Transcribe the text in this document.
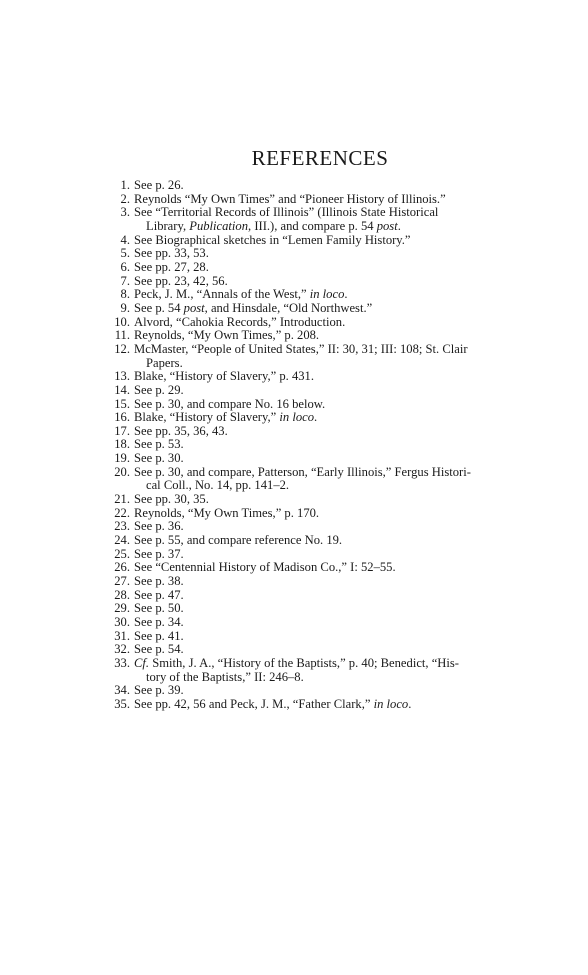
REFERENCES
1. See p. 26.
2. Reynolds “My Own Times” and “Pioneer History of Illinois.”
3. See “Territorial Records of Illinois” (Illinois State Historical
Library, Publication, III.), and compare p. 54 post.
4. See Biographical sketches in “Lemen Family History.”
5. See pp. 33, 53.
6. See pp. 27, 28.
7. See pp. 23, 42, 56.
8. Peck, J. M., “Annals of the West,” in loco.
9. See p. 54 post, and Hinsdale, “Old Northwest.”
10. Alvord, “Cahokia Records,” Introduction.
11. Reynolds, “My Own Times,” p. 208.
12. McMaster, “People of United States,” II: 30, 31; III: 108; St. Clair
Papers.
13. Blake, “History of Slavery,” p. 431.
14. See p. 29.
15. See p. 30, and compare No. 16 below.
16. Blake, “History of Slavery,” in loco.
17. See pp. 35, 36, 43.
18. See p. 53.
19. See p. 30.
20. See p. 30, and compare, Patterson, “Early Illinois,” Fergus Histori-
cal Coll., No. 14, pp. 141–2.
21. See pp. 30, 35.
22. Reynolds, “My Own Times,” p. 170.
23. See p. 36.
24. See p. 55, and compare reference No. 19.
25. See p. 37.
26. See “Centennial History of Madison Co.,” I: 52–55.
27. See p. 38.
28. See p. 47.
29. See p. 50.
30. See p. 34.
31. See p. 41.
32. See p. 54.
33. Cf. Smith, J. A., “History of the Baptists,” p. 40; Benedict, “His-
tory of the Baptists,” II: 246–8.
34. See p. 39.
35. See pp. 42, 56 and Peck, J. M., “Father Clark,” in loco.
